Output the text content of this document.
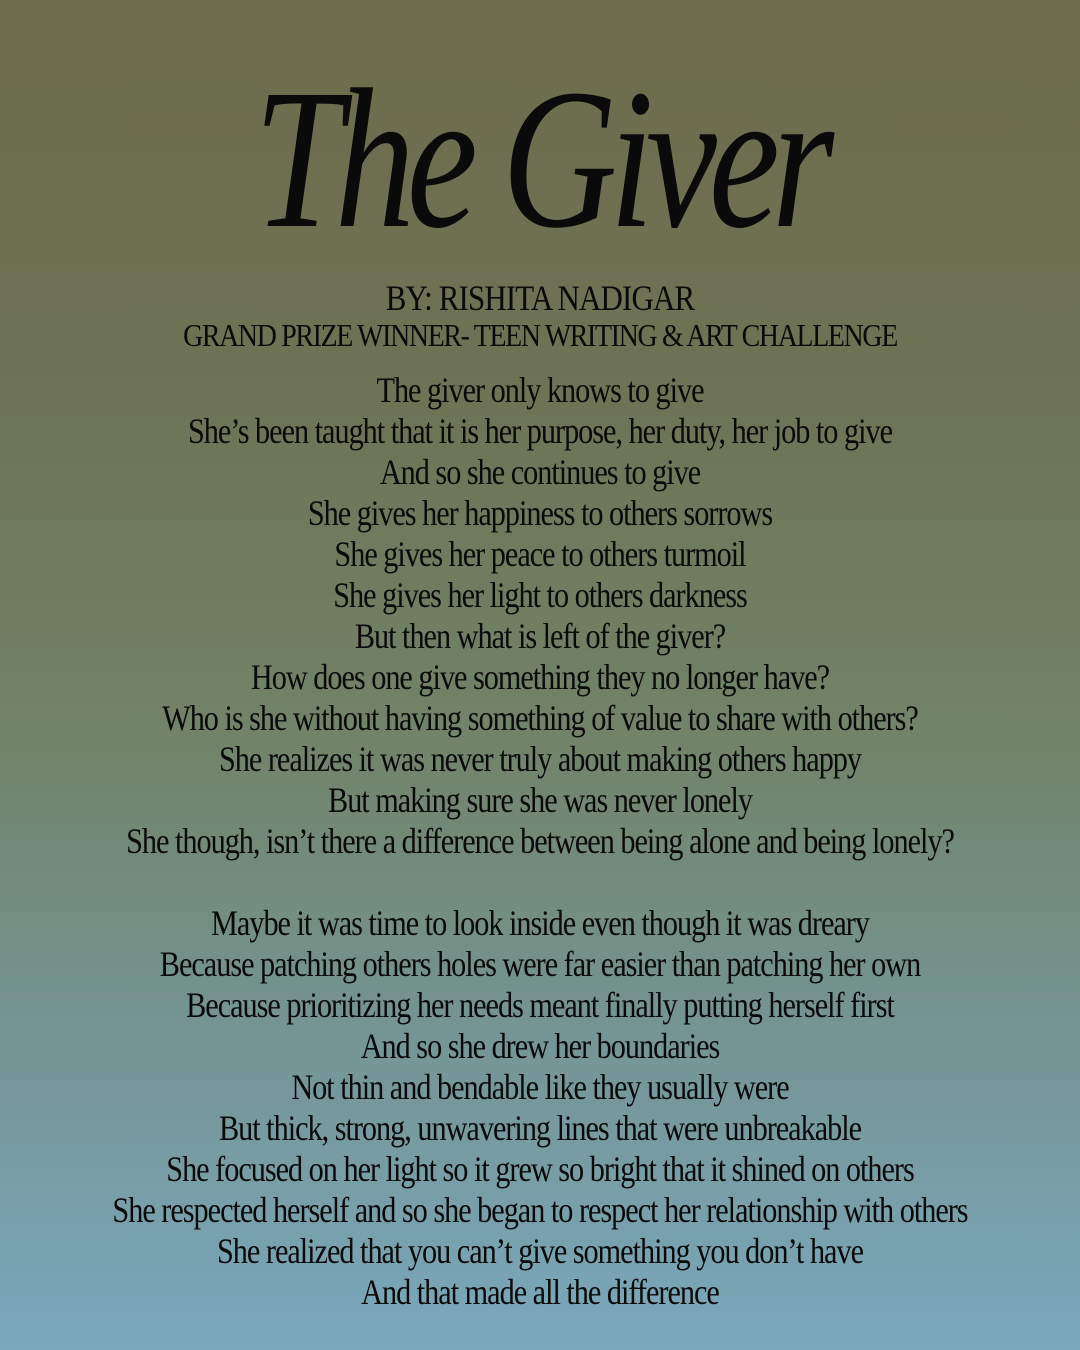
The Giver
BY: RISHITA NADIGAR
GRAND PRIZE WINNER- TEEN WRITING & ART CHALLENGE
The giver only knows to give
She’s been taught that it is her purpose, her duty, her job to give
And so she continues to give
She gives her happiness to others sorrows
She gives her peace to others turmoil
She gives her light to others darkness
But then what is left of the giver?
How does one give something they no longer have?
Who is she without having something of value to share with others?
She realizes it was never truly about making others happy
But making sure she was never lonely
She though, isn’t there a difference between being alone and being lonely?
Maybe it was time to look inside even though it was dreary
Because patching others holes were far easier than patching her own
Because prioritizing her needs meant finally putting herself first
And so she drew her boundaries
Not thin and bendable like they usually were
But thick, strong, unwavering lines that were unbreakable
She focused on her light so it grew so bright that it shined on others
She respected herself and so she began to respect her relationship with others
She realized that you can’t give something you don’t have
And that made all the difference
